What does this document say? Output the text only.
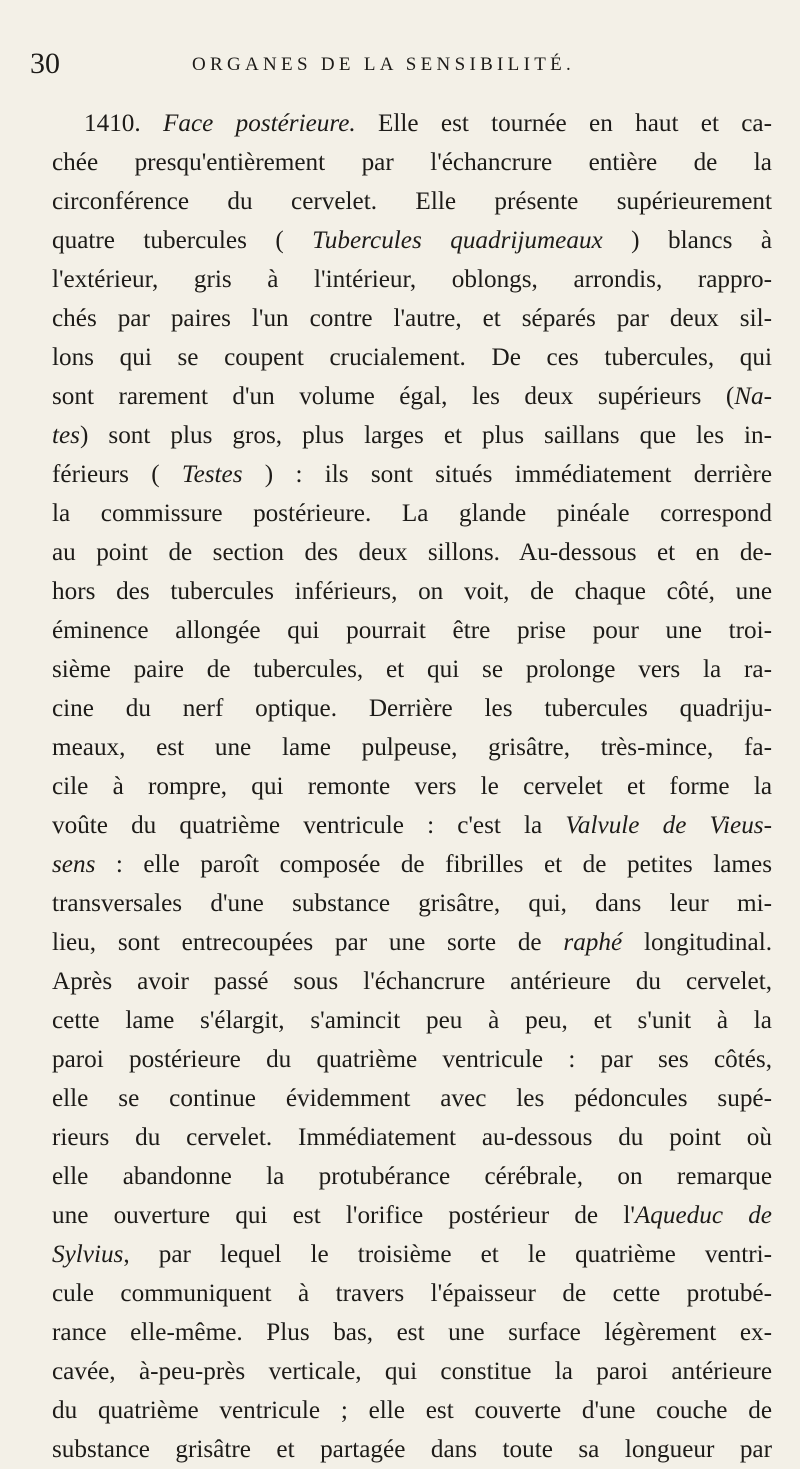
30	ORGANES DE LA SENSIBILITÉ.
1410. Face postérieure. Elle est tournée en haut et ca-
chée presqu'entièrement par l'échancrure entière de la
circonférence du cervelet. Elle présente supérieurement
quatre tubercules ( Tubercules quadrijumeaux ) blancs à
l'extérieur, gris à l'intérieur, oblongs, arrondis, rappro-
chés par paires l'un contre l'autre, et séparés par deux sil-
lons qui se coupent crucialement. De ces tubercules, qui
sont rarement d'un volume égal, les deux supérieurs (Na-
tes) sont plus gros, plus larges et plus saillans que les in-
férieurs ( Testes ) : ils sont situés immédiatement derrière
la commissure postérieure. La glande pinéale correspond
au point de section des deux sillons. Au-dessous et en de-
hors des tubercules inférieurs, on voit, de chaque côté, une
éminence allongée qui pourrait être prise pour une troi-
sième paire de tubercules, et qui se prolonge vers la ra-
cine du nerf optique. Derrière les tubercules quadriju-
meaux, est une lame pulpeuse, grisâtre, très-mince, fa-
cile à rompre, qui remonte vers le cervelet et forme la
voûte du quatrième ventricule : c'est la Valvule de Vieus-
sens : elle paroît composée de fibrilles et de petites lames
transversales d'une substance grisâtre, qui, dans leur mi-
lieu, sont entrecoupées par une sorte de raphé longitudinal.
Après avoir passé sous l'échancrure antérieure du cervelet,
cette lame s'élargit, s'amincit peu à peu, et s'unit à la
paroi postérieure du quatrième ventricule : par ses côtés,
elle se continue évidemment avec les pédoncules supé-
rieurs du cervelet. Immédiatement au-dessous du point où
elle abandonne la protubérance cérébrale, on remarque
une ouverture qui est l'orifice postérieur de l'Aqueduc de
Sylvius, par lequel le troisième et le quatrième ventri-
cule communiquent à travers l'épaisseur de cette protubé-
rance elle-même. Plus bas, est une surface légèrement ex-
cavée, à-peu-près verticale, qui constitue la paroi antérieure
du quatrième ventricule ; elle est couverte d'une couche de
substance grisâtre et partagée dans toute sa longueur par
